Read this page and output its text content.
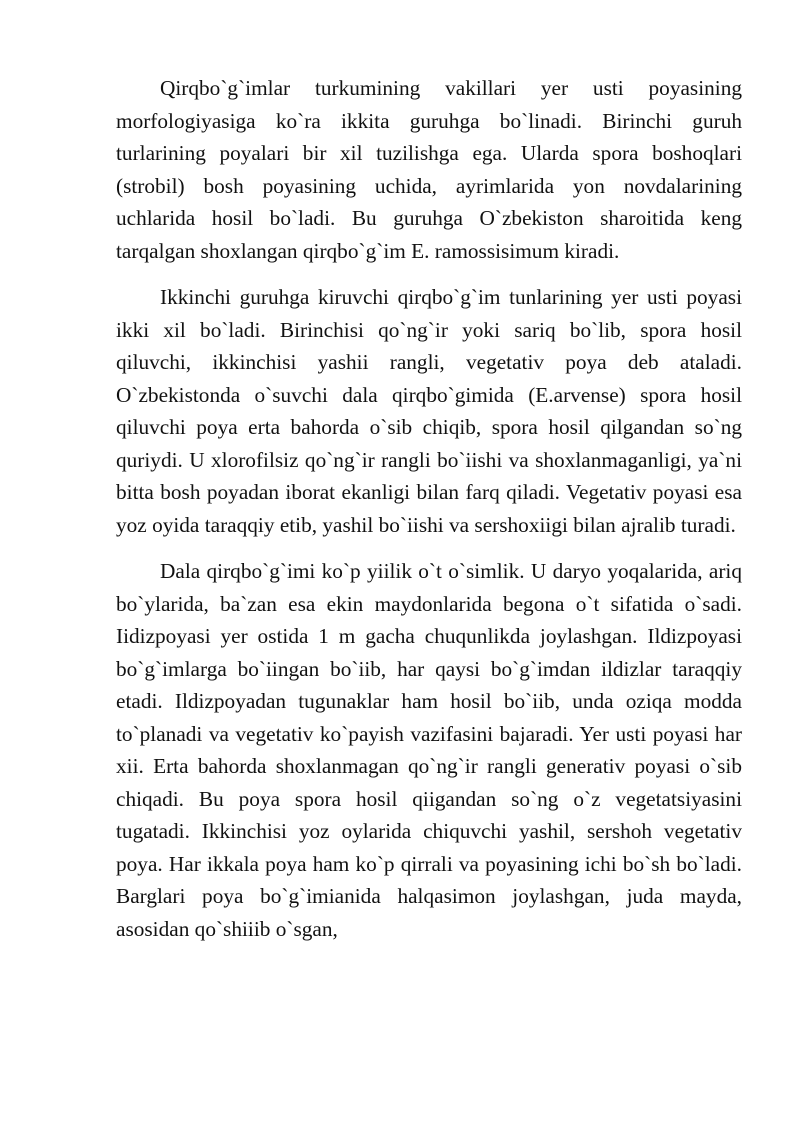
Qirqbo`g`imlar turkumining vakillari yer usti poyasining morfologiyasiga ko`ra ikkita guruhga bo`linadi. Birinchi guruh turlarining poyalari bir xil tuzilishga ega. Ularda spora boshoqlari (strobil) bosh poyasining uchida, ayrimlarida yon novdalarining uchlarida hosil bo`ladi. Bu guruhga O`zbekiston sharoitida keng tarqalgan shoxlangan qirqbo`g`im E. ramossisimum kiradi.

Ikkinchi guruhga kiruvchi qirqbo`g`im tunlarining yer usti poyasi ikki xil bo`ladi. Birinchisi qo`ng`ir yoki sariq bo`lib, spora hosil qiluvchi, ikkinchisi yashii rangli, vegetativ poya deb ataladi. O`zbekistonda o`suvchi dala qirqbo`gimida (E.arvense) spora hosil qiluvchi poya erta bahorda o`sib chiqib, spora hosil qilgandan so`ng quriydi. U xlorofilsiz qo`ng`ir rangli bo`iishi va shoxlanmaganligi, ya`ni bitta bosh poyadan iborat ekanligi bilan farq qiladi. Vegetativ poyasi esa yoz oyida taraqqiy etib, yashil bo`iishi va sershoxiigi bilan ajralib turadi.

Dala qirqbo`g`imi ko`p yiilik o`t o`simlik. U daryo yoqalarida, ariq bo`ylarida, ba`zan esa ekin maydonlarida begona o`t sifatida o`sadi. Iidizpoyasi yer ostida 1 m gacha chuqunlikda joylashgan. Ildizpoyasi bo`g`imlarga bo`iingan bo`iib, har qaysi bo`g`imdan ildizlar taraqqiy etadi. Ildizpoyadan tugunaklar ham hosil bo`iib, unda oziqa modda to`planadi va vegetativ ko`payish vazifasini bajaradi. Yer usti poyasi har xii. Erta bahorda shoxlanmagan qo`ng`ir rangli generativ poyasi o`sib chiqadi. Bu poya spora hosil qiigandan so`ng o`z vegetatsiyasini tugatadi. Ikkinchisi yoz oylarida chiquvchi yashil, sershoh vegetativ poya. Har ikkala poya ham ko`p qirrali va poyasining ichi bo`sh bo`ladi. Barglari poya bo`g`imianida halqasimon joylashgan, juda mayda, asosidan qo`shiiib o`sgan,
